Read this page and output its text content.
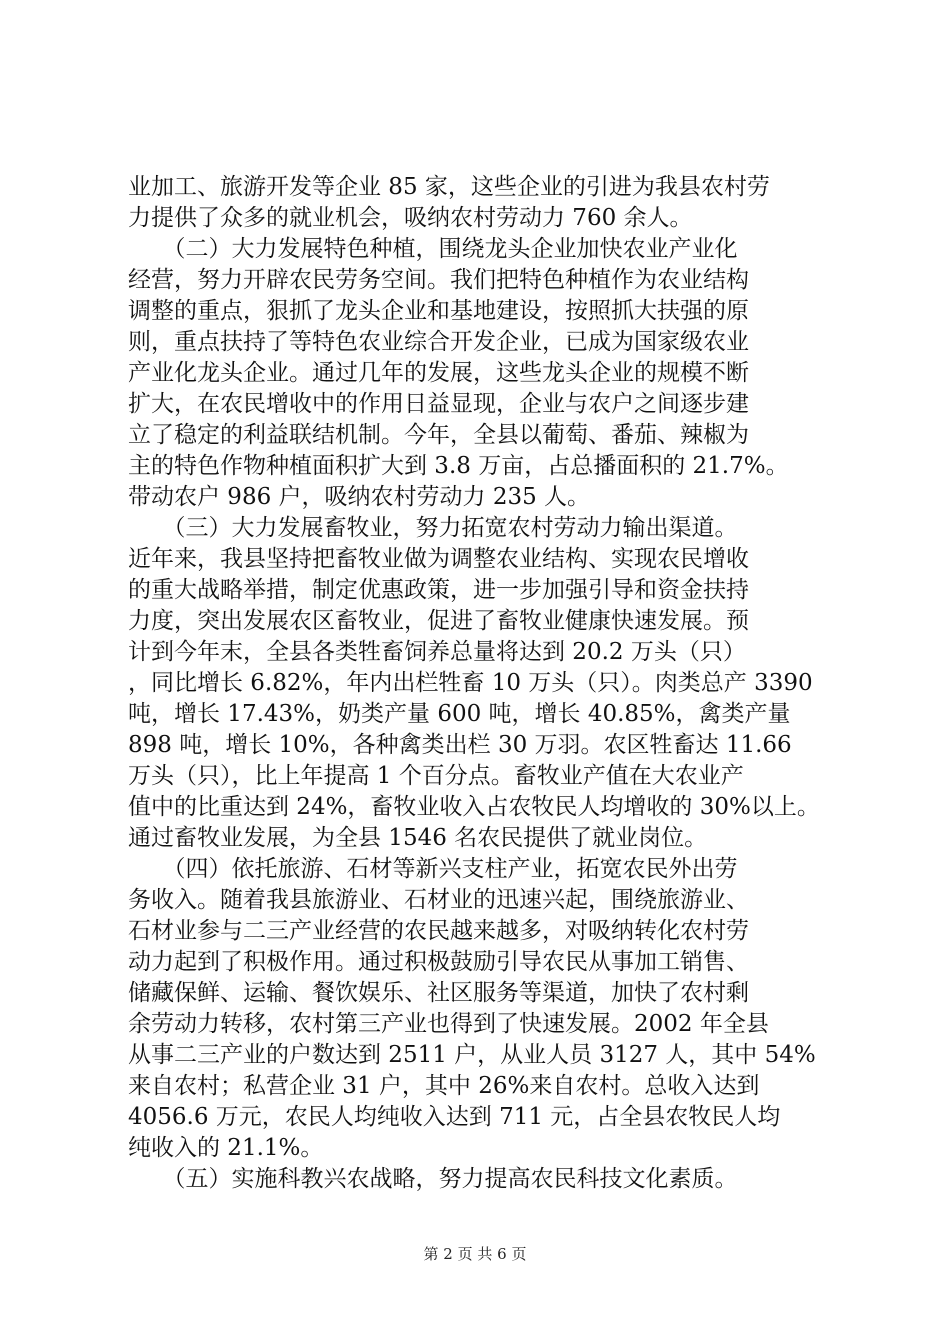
业加工、旅游开发等企业 85 家，这些企业的引进为我县农村劳
力提供了众多的就业机会，吸纳农村劳动力 760 余人。
　　（二）大力发展特色种植，围绕龙头企业加快农业产业化
经营，努力开辟农民劳务空间。我们把特色种植作为农业结构
调整的重点，狠抓了龙头企业和基地建设，按照抓大扶强的原
则，重点扶持了等特色农业综合开发企业，已成为国家级农业
产业化龙头企业。通过几年的发展，这些龙头企业的规模不断
扩大，在农民增收中的作用日益显现，企业与农户之间逐步建
立了稳定的利益联结机制。今年，全县以葡萄、番茄、辣椒为
主的特色作物种植面积扩大到 3.8 万亩，占总播面积的 21.7%。
带动农户 986 户，吸纳农村劳动力 235 人。
　　（三）大力发展畜牧业，努力拓宽农村劳动力输出渠道。
近年来，我县坚持把畜牧业做为调整农业结构、实现农民增收
的重大战略举措，制定优惠政策，进一步加强引导和资金扶持
力度，突出发展农区畜牧业，促进了畜牧业健康快速发展。预
计到今年末，全县各类牲畜饲养总量将达到 20.2 万头（只）
，同比增长 6.82%，年内出栏牲畜 10 万头（只）。肉类总产 3390
吨，增长 17.43%，奶类产量 600 吨，增长 40.85%，禽类产量
898 吨，增长 10%，各种禽类出栏 30 万羽。农区牲畜达 11.66
万头（只），比上年提高 1 个百分点。畜牧业产值在大农业产
值中的比重达到 24%，畜牧业收入占农牧民人均增收的 30%以上。
通过畜牧业发展，为全县 1546 名农民提供了就业岗位。
　　（四）依托旅游、石材等新兴支柱产业，拓宽农民外出劳
务收入。随着我县旅游业、石材业的迅速兴起，围绕旅游业、
石材业参与二三产业经营的农民越来越多，对吸纳转化农村劳
动力起到了积极作用。通过积极鼓励引导农民从事加工销售、
储藏保鲜、运输、餐饮娱乐、社区服务等渠道，加快了农村剩
余劳动力转移，农村第三产业也得到了快速发展。2002 年全县
从事二三产业的户数达到 2511 户，从业人员 3127 人，其中 54%
来自农村；私营企业 31 户，其中 26%来自农村。总收入达到
4056.6 万元，农民人均纯收入达到 711 元，占全县农牧民人均
纯收入的 21.1%。
　　（五）实施科教兴农战略，努力提高农民科技文化素质。
第 2 页 共 6 页
